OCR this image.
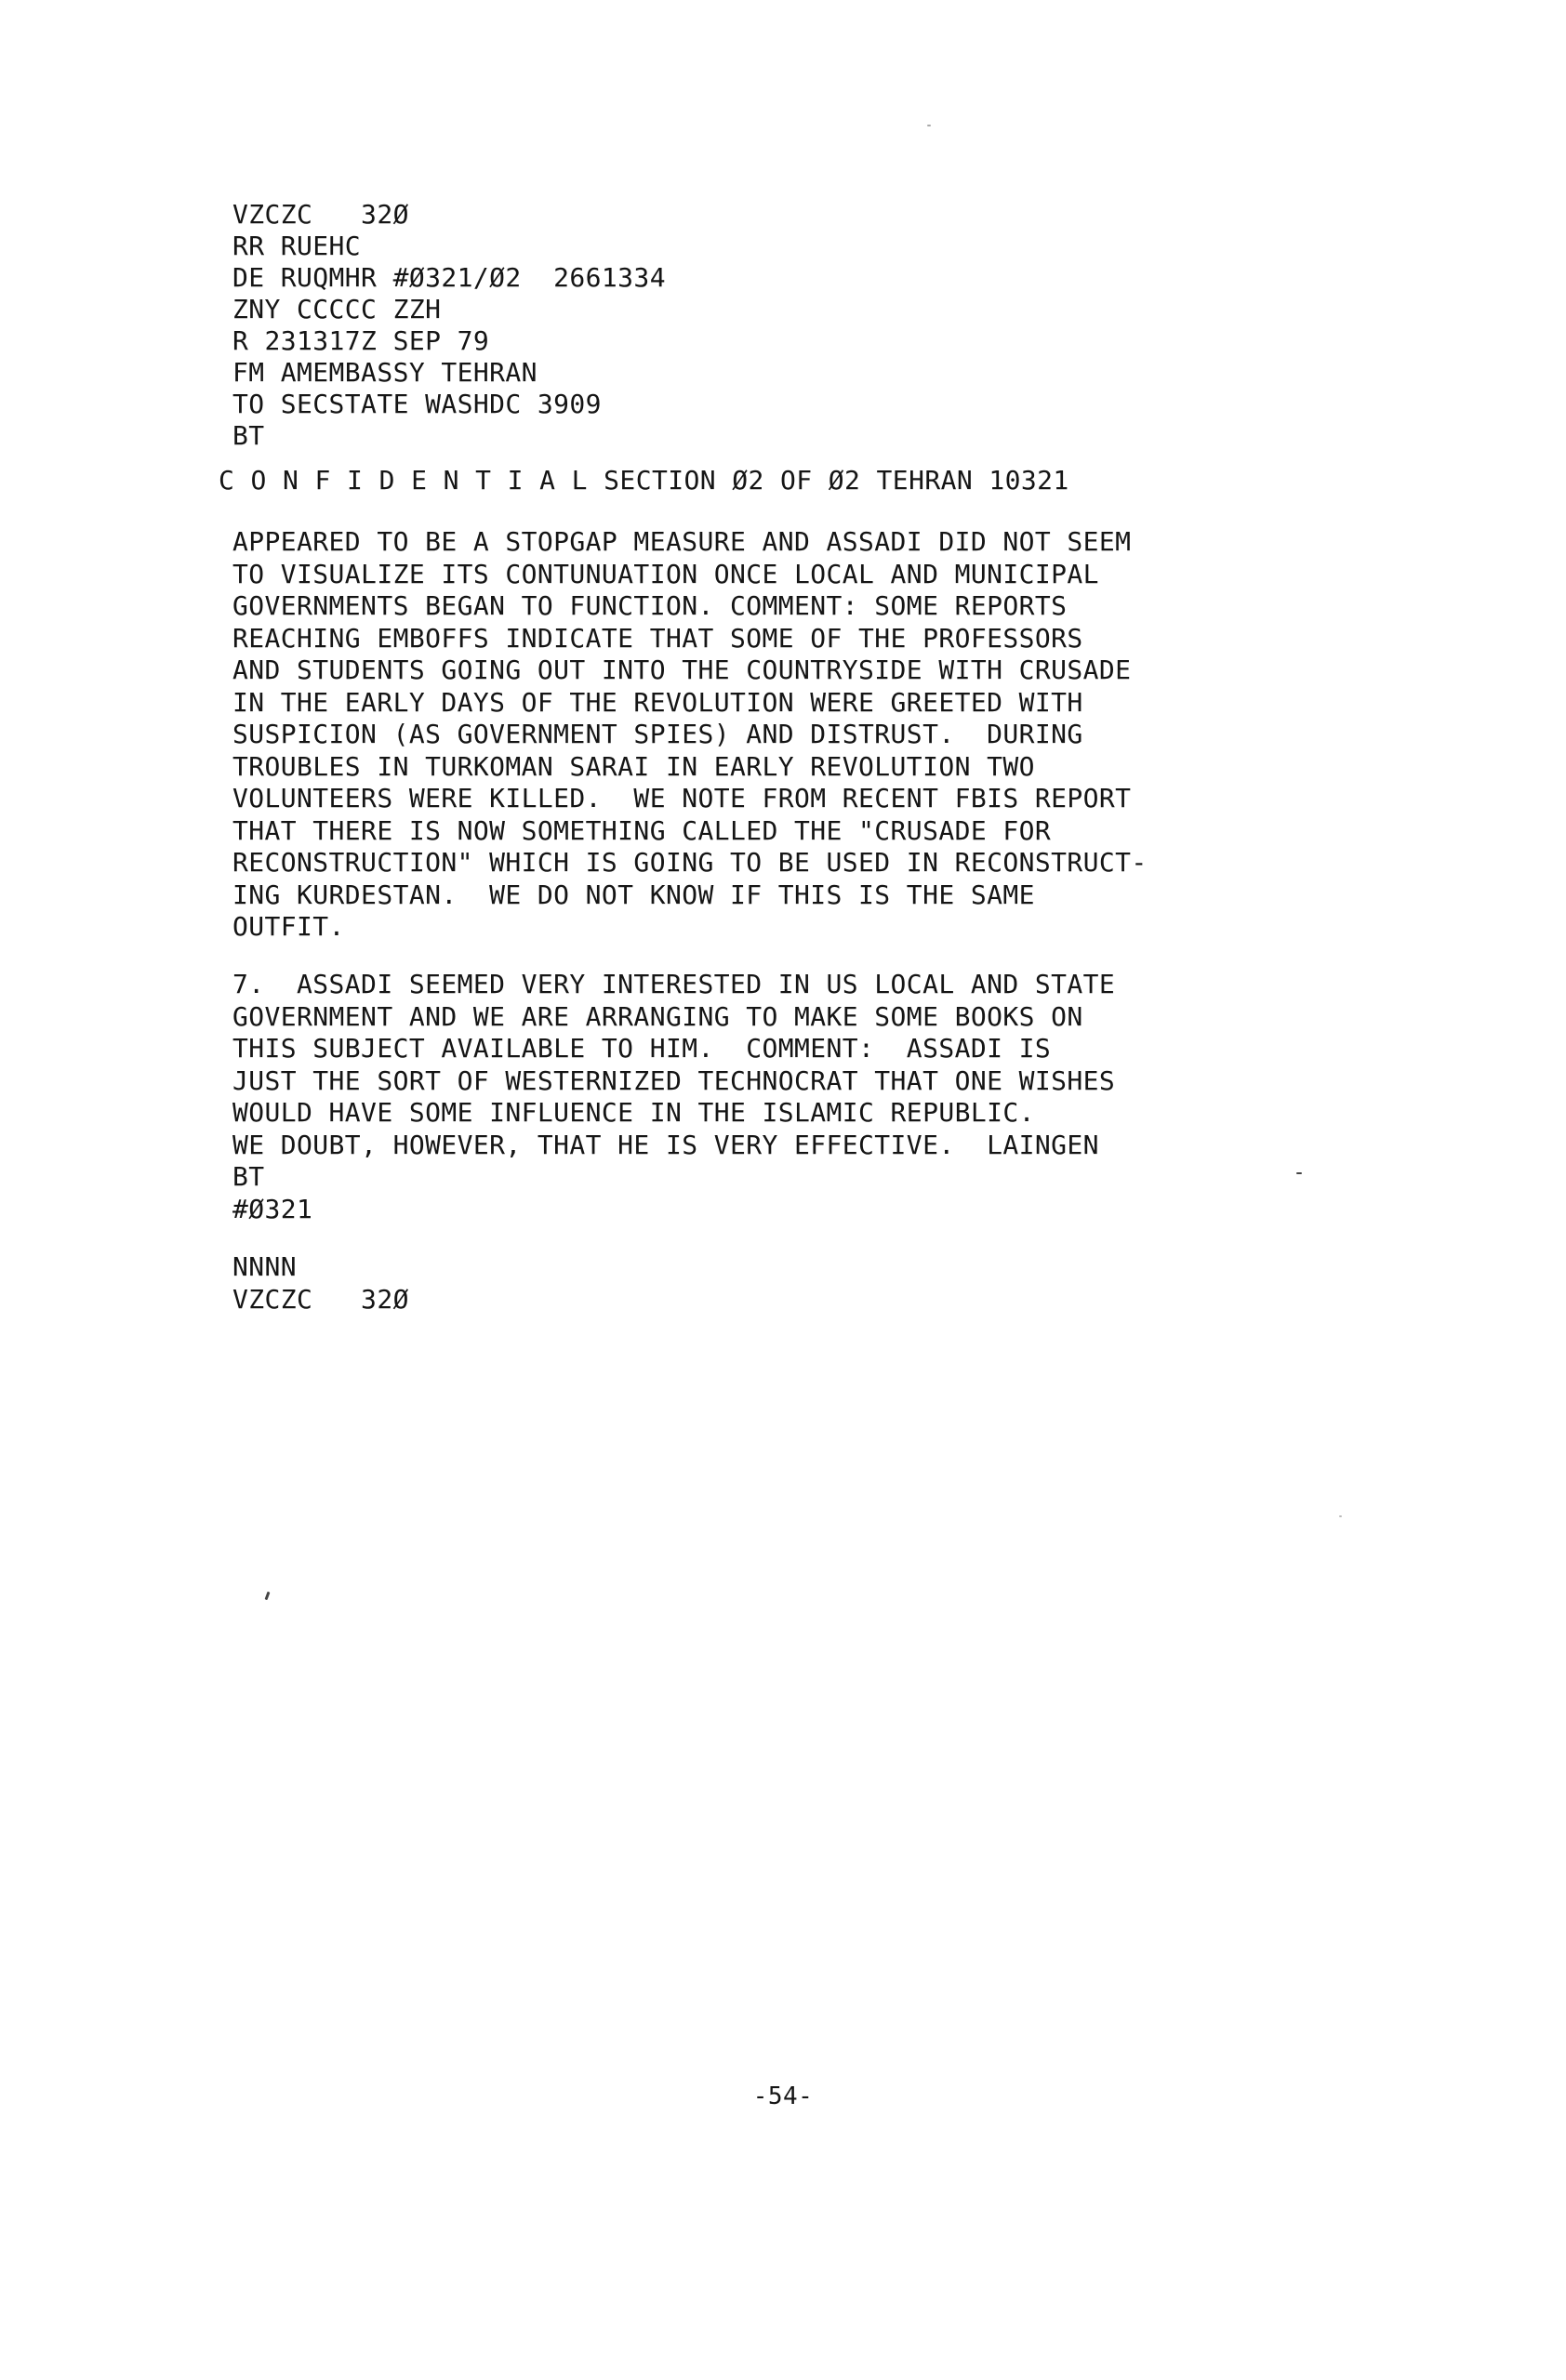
VZCZC   32Ø
RR RUEHC
DE RUQMHR #Ø321/Ø2  2661334
ZNY CCCCC ZZH
R 231317Z SEP 79
FM AMEMBASSY TEHRAN
TO SECSTATE WASHDC 3909
BT
C O N F I D E N T I A L SECTION Ø2 OF Ø2 TEHRAN 10321
APPEARED TO BE A STOPGAP MEASURE AND ASSADI DID NOT SEEM
TO VISUALIZE ITS CONTUNUATION ONCE LOCAL AND MUNICIPAL
GOVERNMENTS BEGAN TO FUNCTION. COMMENT: SOME REPORTS
REACHING EMBOFFS INDICATE THAT SOME OF THE PROFESSORS
AND STUDENTS GOING OUT INTO THE COUNTRYSIDE WITH CRUSADE
IN THE EARLY DAYS OF THE REVOLUTION WERE GREETED WITH
SUSPICION (AS GOVERNMENT SPIES) AND DISTRUST.  DURING
TROUBLES IN TURKOMAN SARAI IN EARLY REVOLUTION TWO
VOLUNTEERS WERE KILLED.  WE NOTE FROM RECENT FBIS REPORT
THAT THERE IS NOW SOMETHING CALLED THE "CRUSADE FOR
RECONSTRUCTION" WHICH IS GOING TO BE USED IN RECONSTRUCT-
ING KURDESTAN.  WE DO NOT KNOW IF THIS IS THE SAME
OUTFIT.
7.  ASSADI SEEMED VERY INTERESTED IN US LOCAL AND STATE
GOVERNMENT AND WE ARE ARRANGING TO MAKE SOME BOOKS ON
THIS SUBJECT AVAILABLE TO HIM.  COMMENT:  ASSADI IS
JUST THE SORT OF WESTERNIZED TECHNOCRAT THAT ONE WISHES
WOULD HAVE SOME INFLUENCE IN THE ISLAMIC REPUBLIC.
WE DOUBT, HOWEVER, THAT HE IS VERY EFFECTIVE.  LAINGEN
BT
#Ø321
NNNN
VZCZC   32Ø
-54-
